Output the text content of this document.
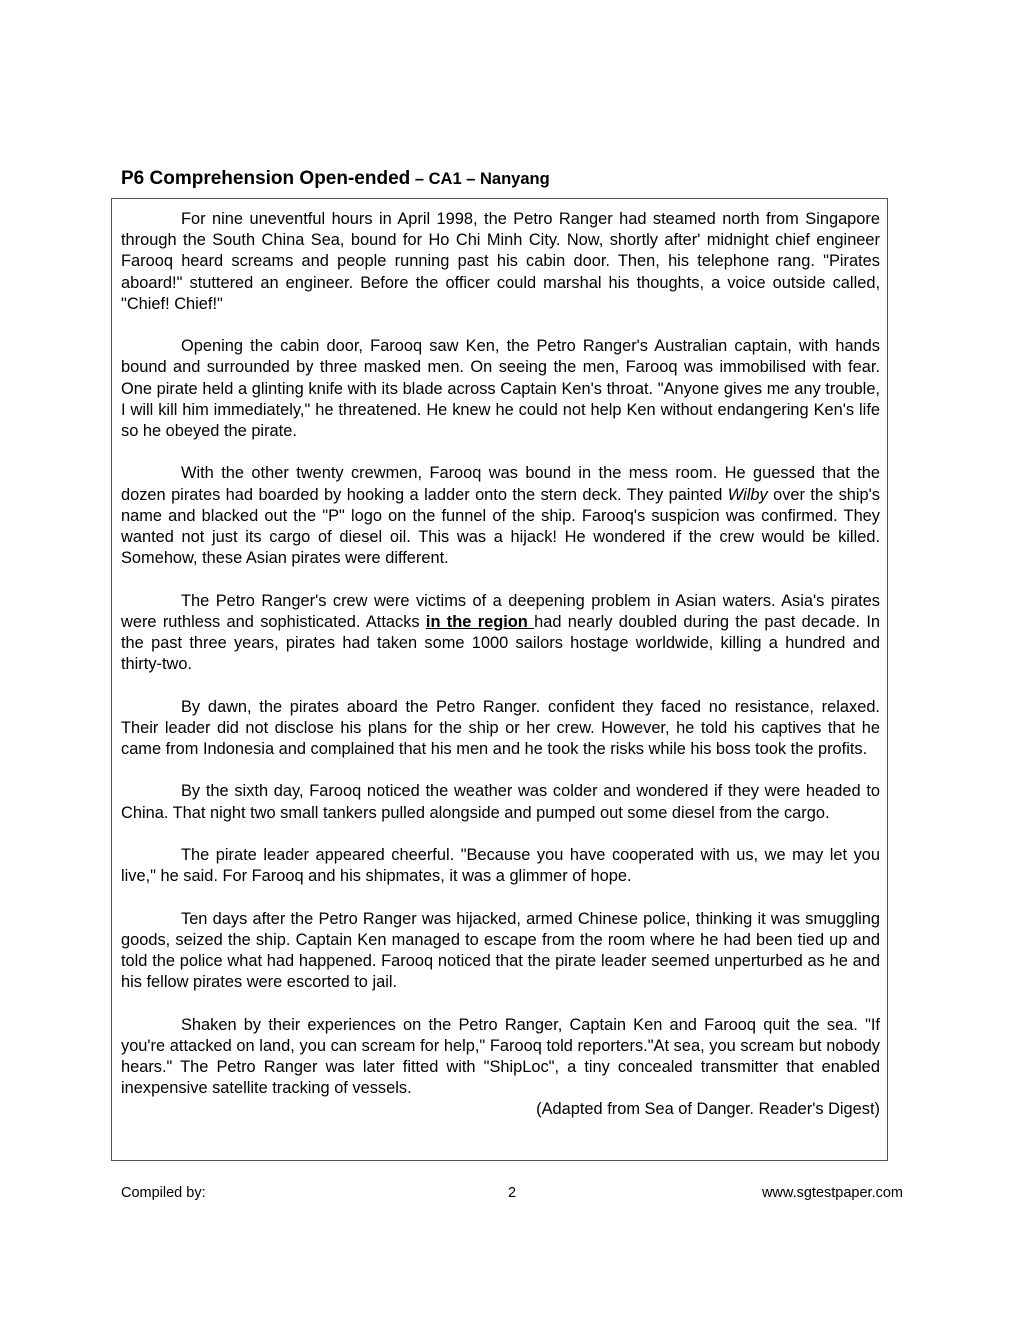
P6 Comprehension Open-ended – CA1 – Nanyang

For nine uneventful hours in April 1998, the Petro Ranger had steamed north from Singapore through the South China Sea, bound for Ho Chi Minh City. Now, shortly after' midnight chief engineer Farooq heard screams and people running past his cabin door. Then, his telephone rang. "Pirates aboard!" stuttered an engineer. Before the officer could marshal his thoughts, a voice outside called, "Chief! Chief!"

Opening the cabin door, Farooq saw Ken, the Petro Ranger's Australian captain, with hands bound and surrounded by three masked men. On seeing the men, Farooq was immobilised with fear. One pirate held a glinting knife with its blade across Captain Ken's throat. "Anyone gives me any trouble, I will kill him immediately," he threatened. He knew he could not help Ken without endangering Ken's life so he obeyed the pirate.

With the other twenty crewmen, Farooq was bound in the mess room. He guessed that the dozen pirates had boarded by hooking a ladder onto the stern deck. They painted Wilby over the ship's name and blacked out the "P" logo on the funnel of the ship. Farooq's suspicion was confirmed. They wanted not just its cargo of diesel oil. This was a hijack! He wondered if the crew would be killed. Somehow, these Asian pirates were different.

The Petro Ranger's crew were victims of a deepening problem in Asian waters. Asia's pirates were ruthless and sophisticated. Attacks in the region had nearly doubled during the past decade. In the past three years, pirates had taken some 1000 sailors hostage worldwide, killing a hundred and thirty-two.

By dawn, the pirates aboard the Petro Ranger. confident they faced no resistance, relaxed. Their leader did not disclose his plans for the ship or her crew. However, he told his captives that he came from Indonesia and complained that his men and he took the risks while his boss took the profits.

By the sixth day, Farooq noticed the weather was colder and wondered if they were headed to China. That night two small tankers pulled alongside and pumped out some diesel from the cargo.

The pirate leader appeared cheerful. "Because you have cooperated with us, we may let you live," he said. For Farooq and his shipmates, it was a glimmer of hope.

Ten days after the Petro Ranger was hijacked, armed Chinese police, thinking it was smuggling goods, seized the ship. Captain Ken managed to escape from the room where he had been tied up and told the police what had happened. Farooq noticed that the pirate leader seemed unperturbed as he and his fellow pirates were escorted to jail.

Shaken by their experiences on the Petro Ranger, Captain Ken and Farooq quit the sea. "If you're attacked on land, you can scream for help," Farooq told reporters."At sea, you scream but nobody hears." The Petro Ranger was later fitted with "ShipLoc", a tiny concealed transmitter that enabled inexpensive satellite tracking of vessels.

(Adapted from Sea of Danger. Reader's Digest)

Compiled by:	2	www.sgtestpaper.com
